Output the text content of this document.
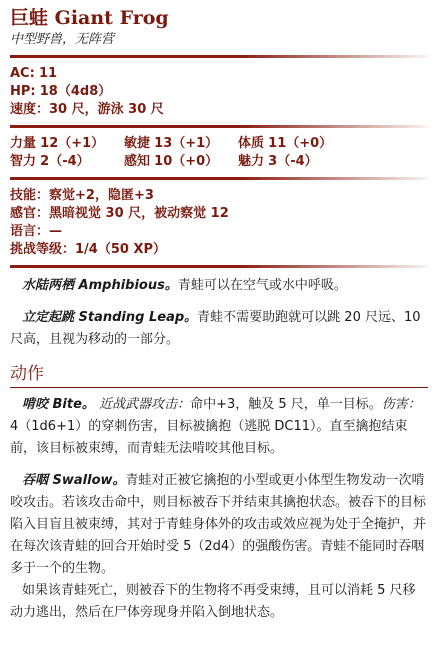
巨蛙 Giant Frog
中型野兽，无阵营
AC: 11
HP: 18（4d8）
速度：30 尺，游泳 30 尺
力量 12（+1）	敏捷 13（+1）	体质 11（+0）
智力 2（-4）	感知 10（+0）	魅力 3（-4）
技能：察觉+2，隐匿+3
感官：黑暗视觉 30 尺，被动察觉 12
语言：—
挑战等级：1/4（50 XP）

水陆两栖 Amphibious。青蛙可以在空气或水中呼吸。

立定起跳 Standing Leap。青蛙不需要助跑就可以跳 20 尺远、10 尺高，且视为移动的一部分。

动作

啃咬 Bite。 近战武器攻击：命中+3，触及 5 尺，单一目标。伤害：4（1d6+1）的穿刺伤害，目标被擒抱（逃脱 DC11）。直至擒抱结束前，该目标被束缚，而青蛙无法啃咬其他目标。

吞咽 Swallow。青蛙对正被它擒抱的小型或更小体型生物发动一次啃咬攻击。若该攻击命中，则目标被吞下并结束其擒抱状态。被吞下的目标陷入目盲且被束缚，其对于青蛙身体外的攻击或效应视为处于全掩护，并在每次该青蛙的回合开始时受 5（2d4）的强酸伤害。青蛙不能同时吞咽多于一个的生物。

如果该青蛙死亡，则被吞下的生物将不再受束缚，且可以消耗 5 尺移动力逃出，然后在尸体旁现身并陷入倒地状态。
